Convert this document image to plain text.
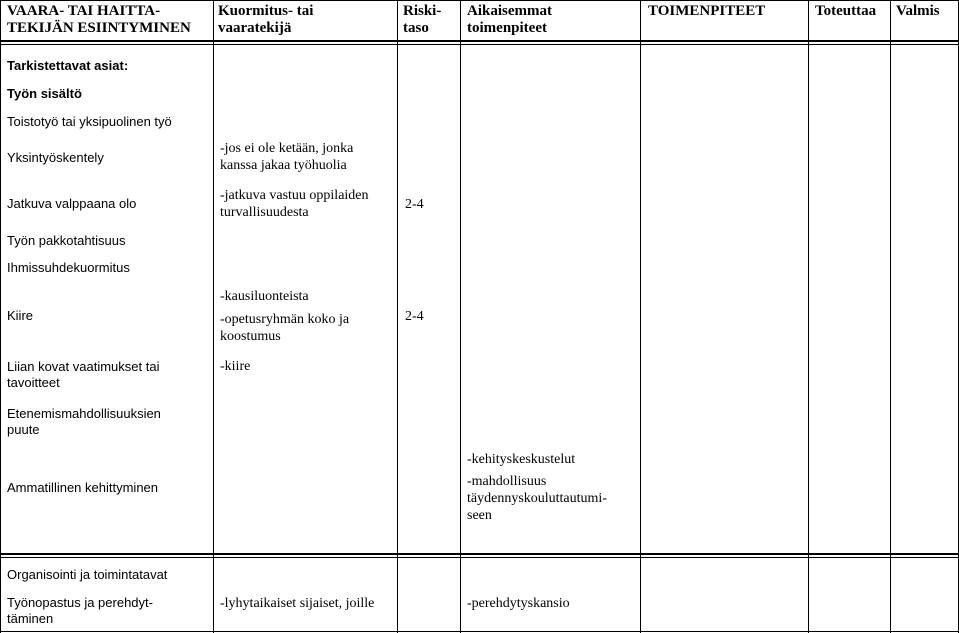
VAARA- TAI HAITTA-
TEKIJÄN ESIINTYMINEN
Kuormitus- tai
vaaratekijä
Riski-
taso
Aikaisemmat
toimenpiteet
TOIMENPITEET	Toteuttaa Valmis
Tarkistettavat asiat:
Työn sisältö
Toistotyö tai yksipuolinen työ
Yksintyöskentely
Jatkuva valppaana olo
Työn pakkotahtisuus
Ihmissuhdekuormitus
Kiire
Liian kovat vaatimukset tai
tavoitteet
Etenemismahdollisuuksien
puute
Ammatillinen kehittyminen
Organisointi ja toimintatavat
Työnopastus ja perehdyt-
täminen
-jos ei ole ketään, jonka
kanssa jakaa työhuolia
-jatkuva vastuu oppilaiden
turvallisuudesta
-kausiluonteista
-opetusryhmän koko ja
koostumus
-kiire
-lyhytaikaiset sijaiset, joille
2-4
2-4
-kehityskeskustelut
-mahdollisuus
täydennyskouluttautumi-
seen
-perehdytyskansio
